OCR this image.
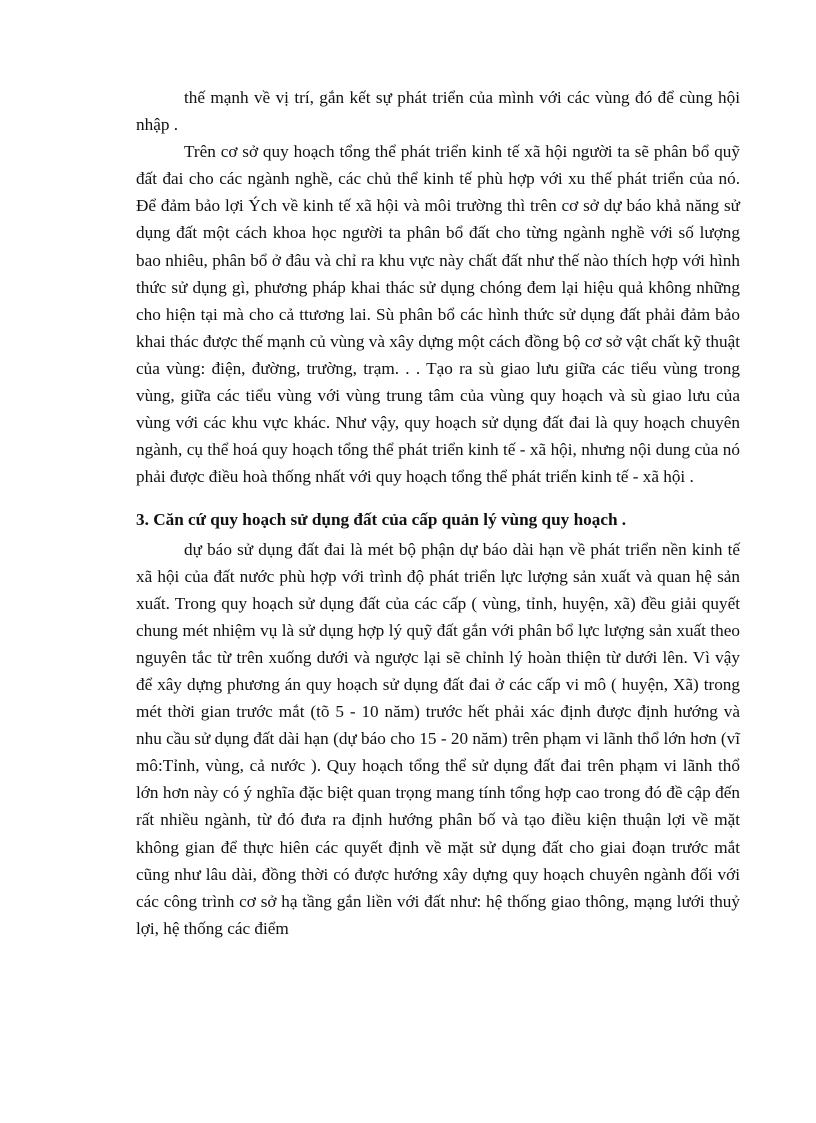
thế mạnh về vị trí, gắn kết sự phát triển của mình với các vùng đó để cùng hội nhập .

Trên cơ sở quy hoạch tổng thể phát triển kinh tế xã hội người ta sẽ phân bổ quỹ đất đai cho các ngành nghề, các chủ thể kinh tế phù hợp với xu thế phát triển của nó. Để đảm bảo lợi Ých về kinh tế xã hội và môi trường thì trên cơ sở dự báo khả năng sử dụng đất một cách khoa học người ta phân bổ đất cho từng ngành nghề với số lượng bao nhiêu, phân bổ ở đâu và chỉ ra khu vực này chất đất như thế nào thích hợp với hình thức sử dụng gì, phương pháp khai thác sử dụng chóng đem lại hiệu quả không những cho hiện tại mà cho cả ttương lai. Sù phân bổ các hình thức sử dụng đất phải đảm bảo khai thác được thế mạnh củ vùng và xây dựng một cách đồng bộ cơ sở vật chất kỹ thuật của vùng: điện, đường, trường, trạm. . . Tạo ra sù giao lưu giữa các tiểu vùng trong vùng, giữa các tiểu vùng với vùng trung tâm của vùng quy hoạch và sù giao lưu của vùng với các khu vực khác. Như vậy, quy hoạch sử dụng đất đai là quy hoạch chuyên ngành, cụ thể hoá quy hoạch tổng thể phát triển kinh tế - xã hội, nhưng nội dung của nó phải được điều hoà thống nhất với quy hoạch tổng thể phát triển kinh tế - xã hội .

3. Căn cứ quy hoạch sử dụng đất của cấp quản lý vùng quy hoạch .

dự báo sử dụng đất đai là mét bộ phận dự báo dài hạn về phát triển nền kinh tế xã hội của đất nước phù hợp với trình độ phát triển lực lượng sản xuất và quan hệ sản xuất. Trong quy hoạch sử dụng đất của các cấp ( vùng, tỉnh, huyện, xã) đều giải quyết chung mét nhiệm vụ là sử dụng hợp lý quỹ đất gắn với phân bổ lực lượng sản xuất theo nguyên tắc từ trên xuống dưới và ngược lại sẽ chỉnh lý hoàn thiện từ dưới lên. Vì vậy để xây dựng phương án quy hoạch sử dụng đất đai ở các cấp vi mô ( huyện, Xã) trong mét thời gian trước mắt (tõ 5 - 10 năm) trước hết phải xác định được định hướng và nhu cầu sử dụng đất dài hạn (dự báo cho 15 - 20 năm) trên phạm vi lãnh thổ lớn hơn (vĩ mô:Tỉnh, vùng, cả nước ). Quy hoạch tổng thể sử dụng đất đai trên phạm vi lãnh thổ lớn hơn này có ý nghĩa đặc biệt quan trọng mang tính tổng hợp cao trong đó đề cập đến rất nhiều ngành, từ đó đưa ra định hướng phân bố và tạo điều kiện thuận lợi về mặt không gian để thực hiên các quyết định về mặt sử dụng đất cho giai đoạn trước mắt cũng như lâu dài, đồng thời có được hướng xây dựng quy hoạch chuyên ngành đối với các công trình cơ sở hạ tầng gắn liền với đất như: hệ thống giao thông, mạng lưới thuỷ lợi, hệ thống các điểm
